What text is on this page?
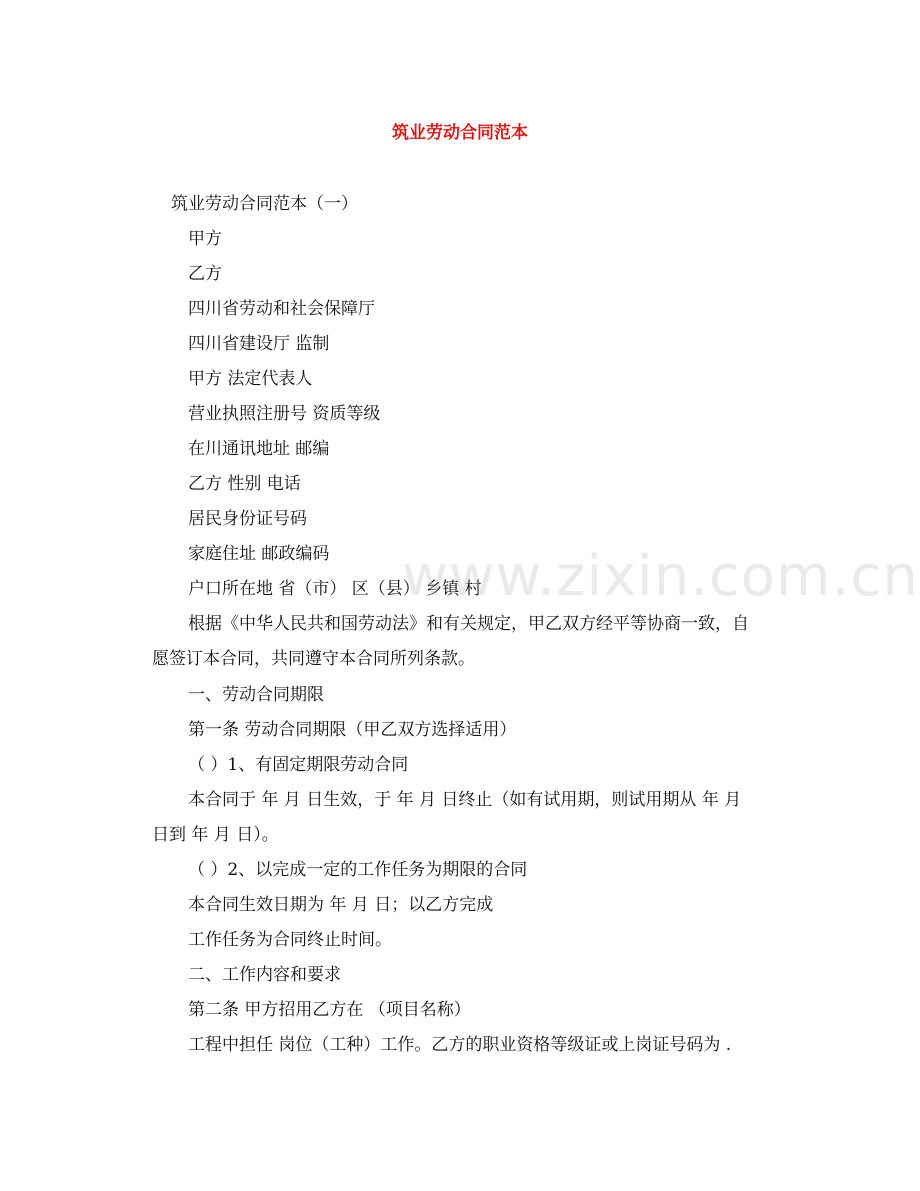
筑业劳动合同范本
筑业劳动合同范本（一）
甲方
乙方
四川省劳动和社会保障厅
四川省建设厅 监制
甲方 法定代表人
营业执照注册号 资质等级
在川通讯地址 邮编
乙方 性别 电话
居民身份证号码
家庭住址 邮政编码
户口所在地 省（市） 区（县） 乡镇 村
根据《中华人民共和国劳动法》和有关规定，甲乙双方经平等协商一致，自
愿签订本合同，共同遵守本合同所列条款。
一、劳动合同期限
第一条 劳动合同期限（甲乙双方选择适用）
（ ）1、有固定期限劳动合同
本合同于 年 月 日生效，于 年 月 日终止（如有试用期，则试用期从 年 月
日到 年 月 日）。
（ ）2、以完成一定的工作任务为期限的合同
本合同生效日期为 年 月 日；以乙方完成
工作任务为合同终止时间。
二、工作内容和要求
第二条 甲方招用乙方在 （项目名称）
工程中担任 岗位（工种）工作。乙方的职业资格等级证或上岗证号码为 .
www.zixin.com.cn
